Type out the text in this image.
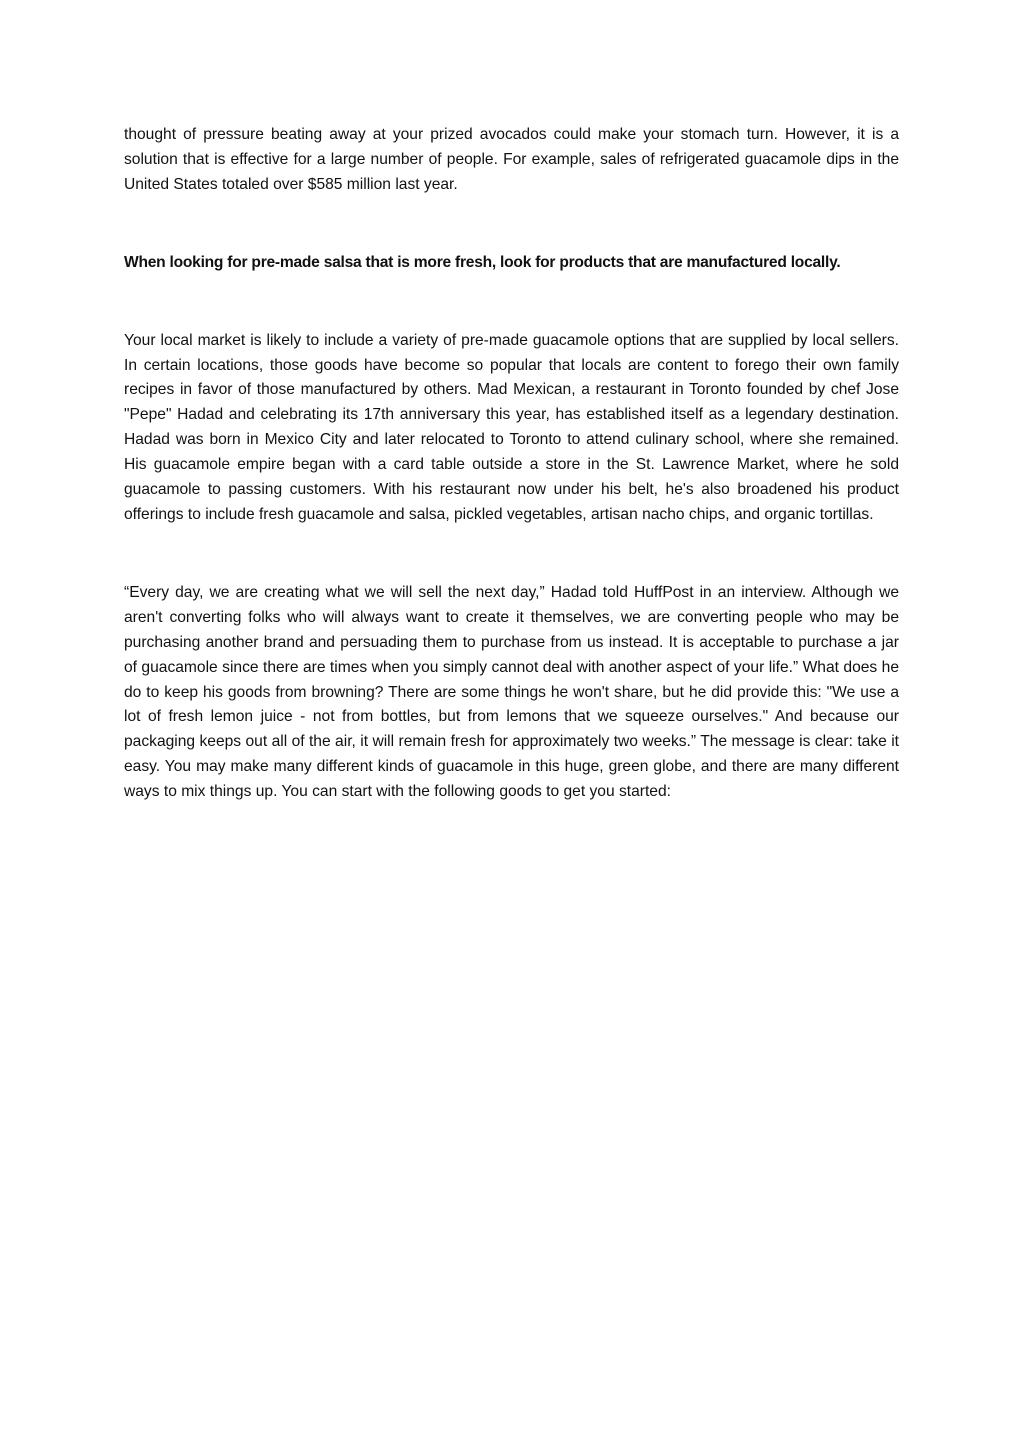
thought of pressure beating away at your prized avocados could make your stomach turn. However, it is a solution that is effective for a large number of people. For example, sales of refrigerated guacamole dips in the United States totaled over $585 million last year.

When looking for pre-made salsa that is more fresh, look for products that are manufactured locally.

Your local market is likely to include a variety of pre-made guacamole options that are supplied by local sellers. In certain locations, those goods have become so popular that locals are content to forego their own family recipes in favor of those manufactured by others. Mad Mexican, a restaurant in Toronto founded by chef Jose "Pepe" Hadad and celebrating its 17th anniversary this year, has established itself as a legendary destination. Hadad was born in Mexico City and later relocated to Toronto to attend culinary school, where she remained. His guacamole empire began with a card table outside a store in the St. Lawrence Market, where he sold guacamole to passing customers. With his restaurant now under his belt, he's also broadened his product offerings to include fresh guacamole and salsa, pickled vegetables, artisan nacho chips, and organic tortillas.

“Every day, we are creating what we will sell the next day,” Hadad told HuffPost in an interview. Although we aren't converting folks who will always want to create it themselves, we are converting people who may be purchasing another brand and persuading them to purchase from us instead. It is acceptable to purchase a jar of guacamole since there are times when you simply cannot deal with another aspect of your life.” What does he do to keep his goods from browning? There are some things he won't share, but he did provide this: "We use a lot of fresh lemon juice - not from bottles, but from lemons that we squeeze ourselves." And because our packaging keeps out all of the air, it will remain fresh for approximately two weeks.” The message is clear: take it easy. You may make many different kinds of guacamole in this huge, green globe, and there are many different ways to mix things up. You can start with the following goods to get you started:
